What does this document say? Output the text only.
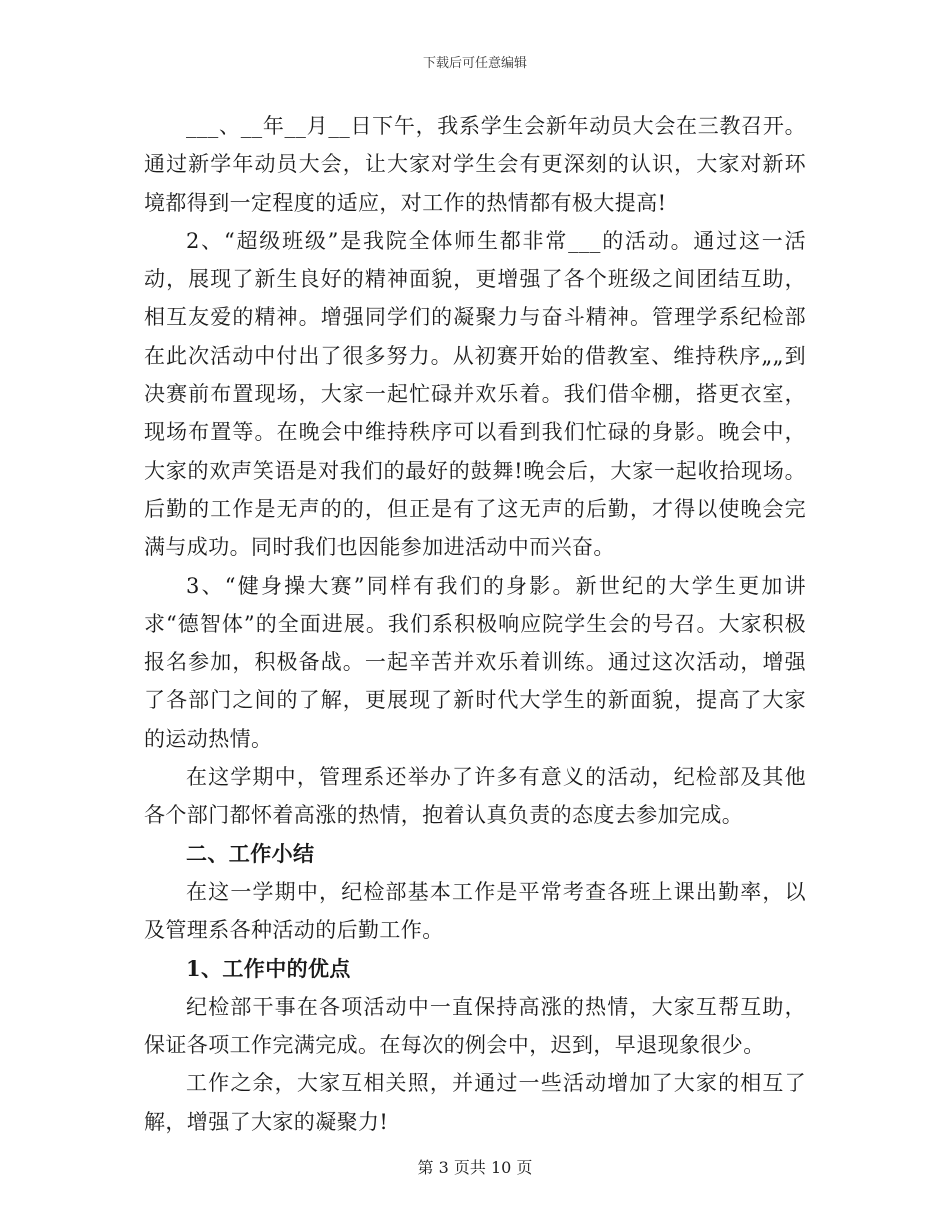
下载后可任意编辑

___、__年__月__日下午，我系学生会新年动员大会在三教召开。通过新学年动员大会，让大家对学生会有更深刻的认识，大家对新环境都得到一定程度的适应，对工作的热情都有极大提高!

2、“超级班级”是我院全体师生都非常___的活动。通过这一活动，展现了新生良好的精神面貌，更增强了各个班级之间团结互助，相互友爱的精神。增强同学们的凝聚力与奋斗精神。管理学系纪检部在此次活动中付出了很多努力。从初赛开始的借教室、维持秩序„„到决赛前布置现场，大家一起忙碌并欢乐着。我们借伞棚，搭更衣室，现场布置等。在晚会中维持秩序可以看到我们忙碌的身影。晚会中，大家的欢声笑语是对我们的最好的鼓舞!晚会后，大家一起收拾现场。后勤的工作是无声的的，但正是有了这无声的后勤，才得以使晚会完满与成功。同时我们也因能参加进活动中而兴奋。

3、“健身操大赛”同样有我们的身影。新世纪的大学生更加讲求“德智体”的全面进展。我们系积极响应院学生会的号召。大家积极报名参加，积极备战。一起辛苦并欢乐着训练。通过这次活动，增强了各部门之间的了解，更展现了新时代大学生的新面貌，提高了大家的运动热情。

在这学期中，管理系还举办了许多有意义的活动，纪检部及其他各个部门都怀着高涨的热情，抱着认真负责的态度去参加完成。

二、工作小结

在这一学期中，纪检部基本工作是平常考查各班上课出勤率，以及管理系各种活动的后勤工作。

1、工作中的优点

纪检部干事在各项活动中一直保持高涨的热情，大家互帮互助，保证各项工作完满完成。在每次的例会中，迟到，早退现象很少。

工作之余，大家互相关照，并通过一些活动增加了大家的相互了解，增强了大家的凝聚力!

第 3 页共 10 页
